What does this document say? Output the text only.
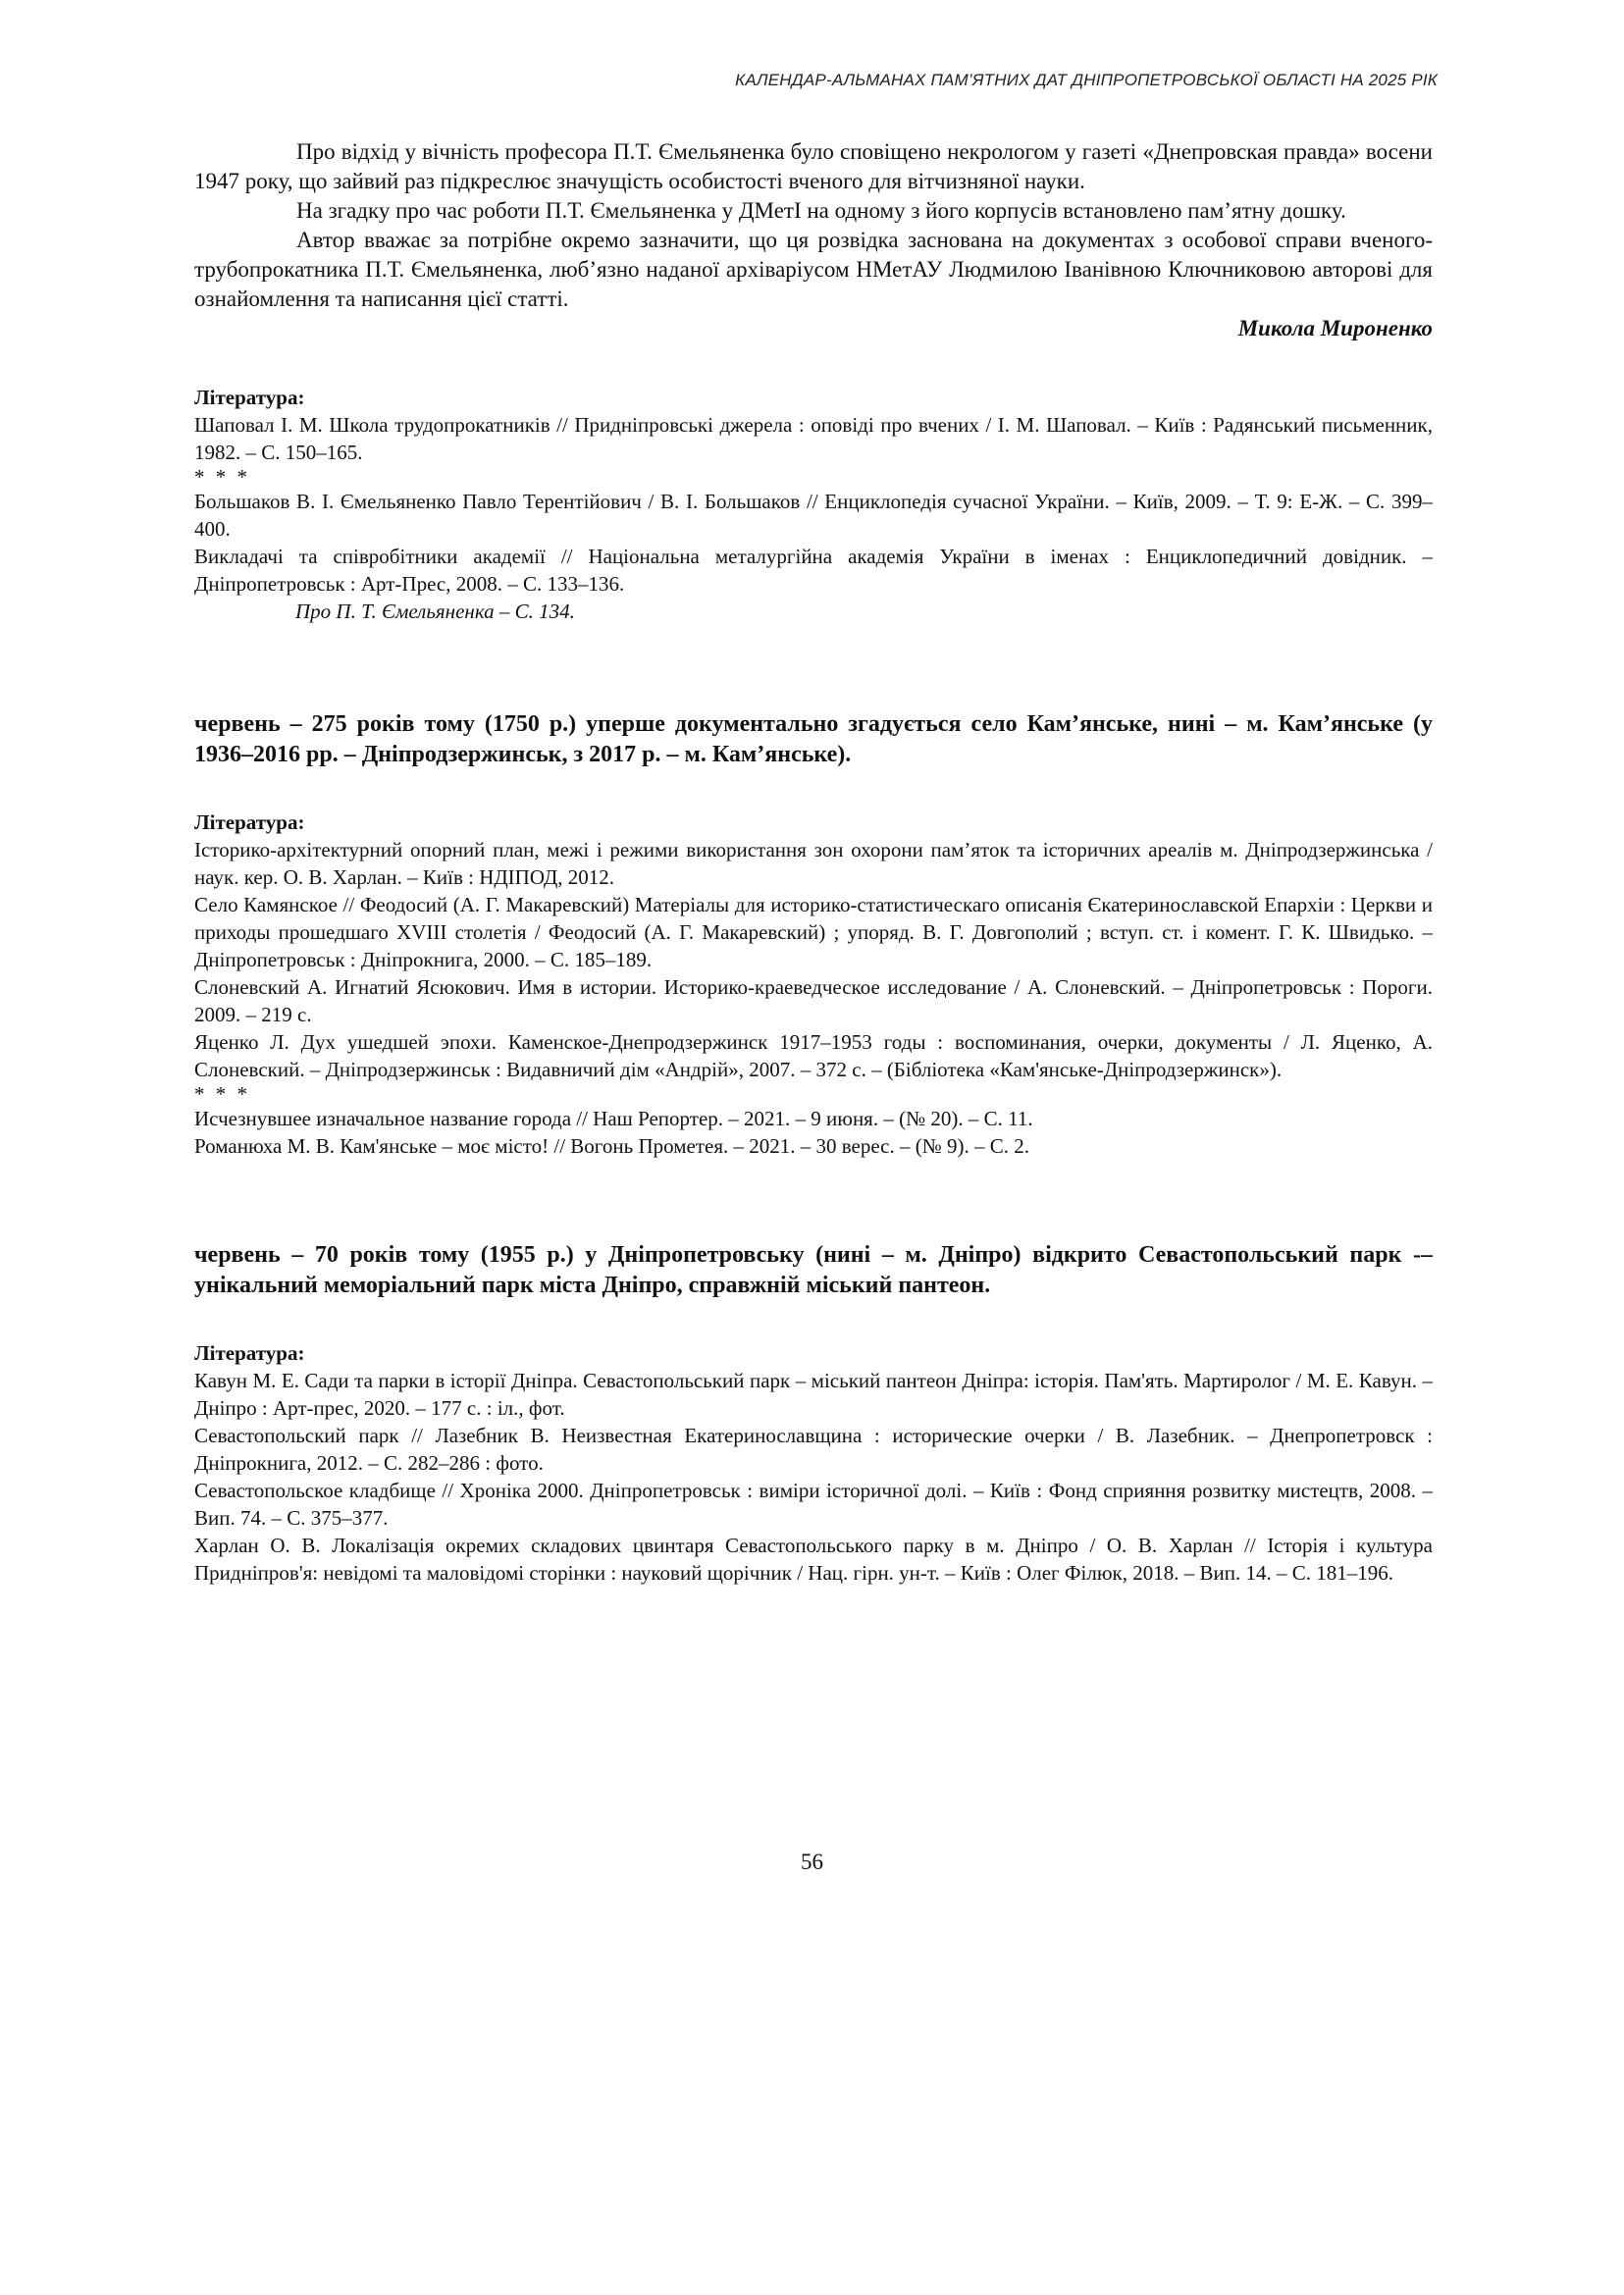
КАЛЕНДАР-АЛЬМАНАХ ПАМ’ЯТНИХ ДАТ ДНІПРОПЕТРОВСЬКОЇ ОБЛАСТІ НА 2025 РІК

Про відхід у вічність професора П.Т. Ємельяненка було сповіщено некрологом у газеті «Днепровская правда» восени 1947 року, що зайвий раз підкреслює значущість особистості вченого для вітчизняної науки.

На згадку про час роботи П.Т. Ємельяненка у ДМетІ на одному з його корпусів встановлено пам’ятну дошку.

Автор вважає за потрібне окремо зазначити, що ця розвідка заснована на документах з особової справи вченого-трубопрокатника П.Т. Ємельяненка, люб’язно наданої архіваріусом НМетАУ Людмилою Іванівною Ключниковою авторові для ознайомлення та написання цієї статті.

Микола Мироненко

Література:

Шаповал І. М. Школа трудопрокатників // Придніпровські джерела : оповіді про вчених / І. М. Шаповал. – Київ : Радянський письменник, 1982. – С. 150–165.

* * *

Большаков В. І. Ємельяненко Павло Терентійович / В. І. Большаков // Енциклопедія сучасної України. – Київ, 2009. – Т. 9: Е-Ж. – С. 399–400.

Викладачі та співробітники академії // Національна металургійна академія України в іменах : Енциклопедичний довідник. – Дніпропетровськ : Арт-Прес, 2008. – С. 133–136.

Про П. Т. Ємельяненка – С. 134.

червень – 275 років тому (1750 р.) уперше документально згадується село Кам’янське, нині – м. Кам’янське (у 1936–2016 рр. – Дніпродзержинськ, з 2017 р. – м. Кам’янське).

Література:

Історико-архітектурний опорний план, межі і режими використання зон охорони пам’яток та історичних ареалів м. Дніпродзержинська / наук. кер. О. В. Харлан. – Київ : НДІПОД, 2012.

Село Камянское // Феодосий (А. Г. Макаревский) Матеріалы для историко-статистическаго описанія Єкатеринославской Епархіи : Церкви и приходы прошедшаго XVIII столетія / Феодосий (А. Г. Макаревский) ; упоряд. В. Г. Довгополий ; вступ. ст. і комент. Г. К. Швидько. – Дніпропетровськ : Дніпрокнига, 2000. – С. 185–189.

Слоневский А. Игнатий Ясюкович. Имя в истории. Историко-краеведческое исследование / А. Слоневский. – Дніпропетровськ : Пороги. 2009. – 219 с.

Яценко Л. Дух ушедшей эпохи. Каменское-Днепродзержинск 1917–1953 годы : воспоминания, очерки, документы / Л. Яценко, А. Слоневский. – Дніпродзержинськ : Видавничий дім «Андрій», 2007. – 372 с. – (Бібліотека «Кам'янське-Дніпродзержинск»).

* * *

Исчезнувшее изначальное название города // Наш Репортер. – 2021. – 9 июня. – (№ 20). – С. 11.

Романюха М. В. Кам'янське – моє місто! // Вогонь Прометея. – 2021. – 30 верес. – (№ 9). – С. 2.

червень – 70 років тому (1955 р.) у Дніпропетровську (нині – м. Дніпро) відкрито Севастопольський парк -– унікальний меморіальний парк міста Дніпро, справжній міський пантеон.

Література:

Кавун М. Е. Сади та парки в історії Дніпра. Севастопольський парк – міський пантеон Дніпра: історія. Пам'ять. Мартиролог / М. Е. Кавун. – Дніпро : Арт-прес, 2020. – 177 с. : іл., фот.

Севастопольский парк // Лазебник В. Неизвестная Екатеринославщина : исторические очерки / В. Лазебник. – Днепропетровск : Дніпрокнига, 2012. – С. 282–286 : фото.

Севастопольское кладбище // Хроніка 2000. Дніпропетровськ : виміри історичної долі. – Київ : Фонд сприяння розвитку мистецтв, 2008. – Вип. 74. – С. 375–377.

Харлан О. В. Локалізація окремих складових цвинтаря Севастопольського парку в м. Дніпро / О. В. Харлан // Історія і культура Придніпров'я: невідомі та маловідомі сторінки : науковий щорічник / Нац. гірн. ун-т. – Київ : Олег Філюк, 2018. – Вип. 14. – С. 181–196.

56
